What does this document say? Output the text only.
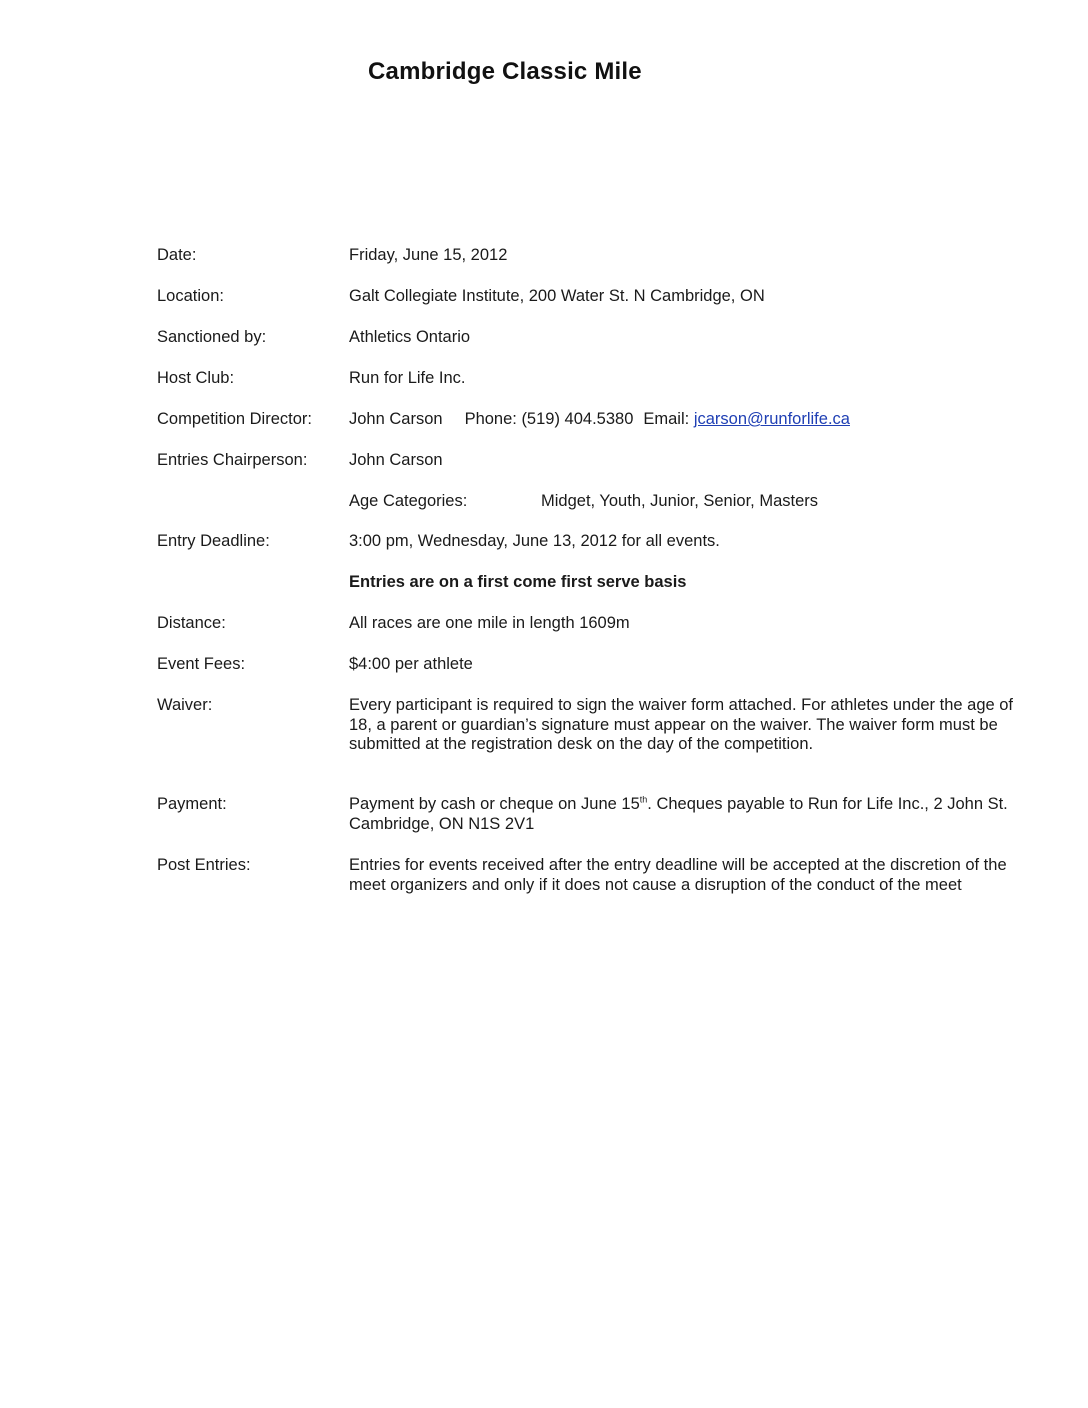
Cambridge Classic Mile
Date:	Friday, June 15, 2012
Location:	Galt Collegiate Institute, 200 Water St. N Cambridge, ON
Sanctioned by:	Athletics Ontario
Host Club:	Run for Life Inc.
Competition Director: John Carson Phone: (519) 404.5380 Email: jcarson@runforlife.ca
Entries Chairperson:	John Carson
Age Categories:	Midget, Youth, Junior, Senior, Masters
Entry Deadline:	3:00 pm, Wednesday, June 13, 2012 for all events.
Entries are on a first come first serve basis
Distance:	All races are one mile in length 1609m
Event Fees:	$4:00 per athlete
Waiver:	Every participant is required to sign the waiver form attached. For athletes under the age of 18, a parent or guardian’s signature must appear on the waiver. The waiver form must be submitted at the registration desk on the day of the competition.
Payment:	Payment by cash or cheque on June 15th. Cheques payable to Run for Life Inc., 2 John St. Cambridge, ON N1S 2V1
Post Entries:	Entries for events received after the entry deadline will be accepted at the discretion of the meet organizers and only if it does not cause a disruption of the conduct of the meet
